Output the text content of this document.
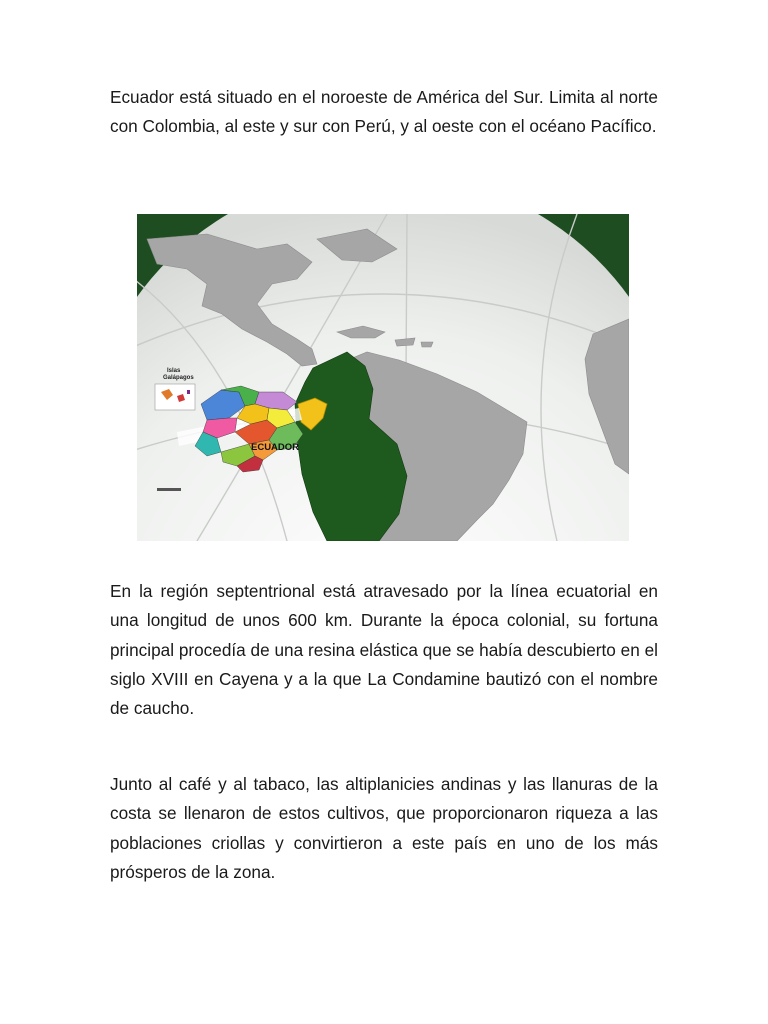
Ecuador está situado en el noroeste de América del Sur. Limita al norte con Colombia, al este y sur con Perú, y al oeste con el océano Pacífico.

Islas
Galápagos
ECUADOR

En la región septentrional está atravesado por la línea ecuatorial en una longitud de unos 600 km. Durante la época colonial, su fortuna principal procedía de una resina elástica que se había descubierto en el siglo XVIII en Cayena y a la que La Condamine bautizó con el nombre de caucho.

Junto al café y al tabaco, las altiplanicies andinas y las llanuras de la costa se llenaron de estos cultivos, que proporcionaron riqueza a las poblaciones criollas y convirtieron a este país en uno de los más prósperos de la zona.
